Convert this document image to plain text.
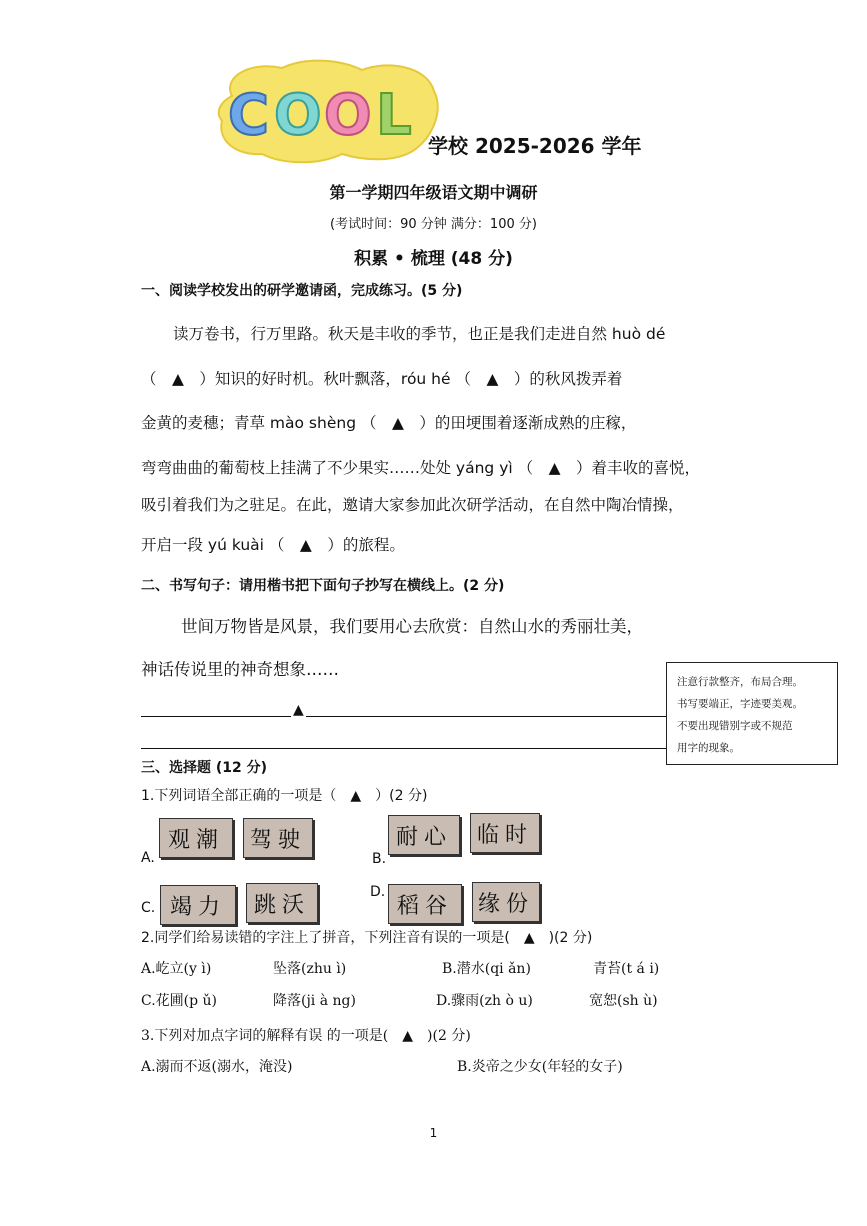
C O O L 学校 2025-2026 学年
第一学期四年级语文期中调研
(考试时间：90 分钟 满分：100 分)
积累 • 梳理 (48 分)
一、阅读学校发出的研学邀请函，完成练习。(5 分)
读万卷书，行万里路。秋天是丰收的季节，也正是我们走进自然 huò dé
（　▲　）知识的好时机。秋叶飘落，róu hé （　▲　）的秋风拨弄着
金黄的麦穗；青草 mào shèng （　▲　）的田埂围着逐渐成熟的庄稼，
弯弯曲曲的葡萄枝上挂满了不少果实……处处 yáng yì （　▲　）着丰收的喜悦，
吸引着我们为之驻足。在此，邀请大家参加此次研学活动，在自然中陶冶情操，
开启一段 yú kuài （　▲　）的旅程。
二、书写句子：请用楷书把下面句子抄写在横线上。(2 分)
世间万物皆是风景，我们要用心去欣赏：自然山水的秀丽壮美，
神话传说里的神奇想象……
▲
注意行款整齐，布局合理。
书写要端正，字迹要美观。
不要出现错别字或不规范
用字的现象。
三、选择题 (12 分)
1.下列词语全部正确的一项是（　▲　）(2 分)
A.
观潮	驾驶
B.
耐心	临时
C. 竭力	跳沃
D.
稻谷	缘份
2.同学们给易读错的字注上了拼音，下列注音有误的一项是(　▲　)(2 分)
A.屹立(y ì)	坠落(zhu ì)	B.潜水(qi ǎn)	青苔(t á i)
C.花圃(p ǔ)	降落(ji à ng)	D.骤雨(zh ò u)	宽恕(sh ù)
3.下列对加点字词的解释有误 的一项是(　▲　)(2 分)
A.溺而不返(溺水，淹没)	B.炎帝之少女(年轻的女子)
1
